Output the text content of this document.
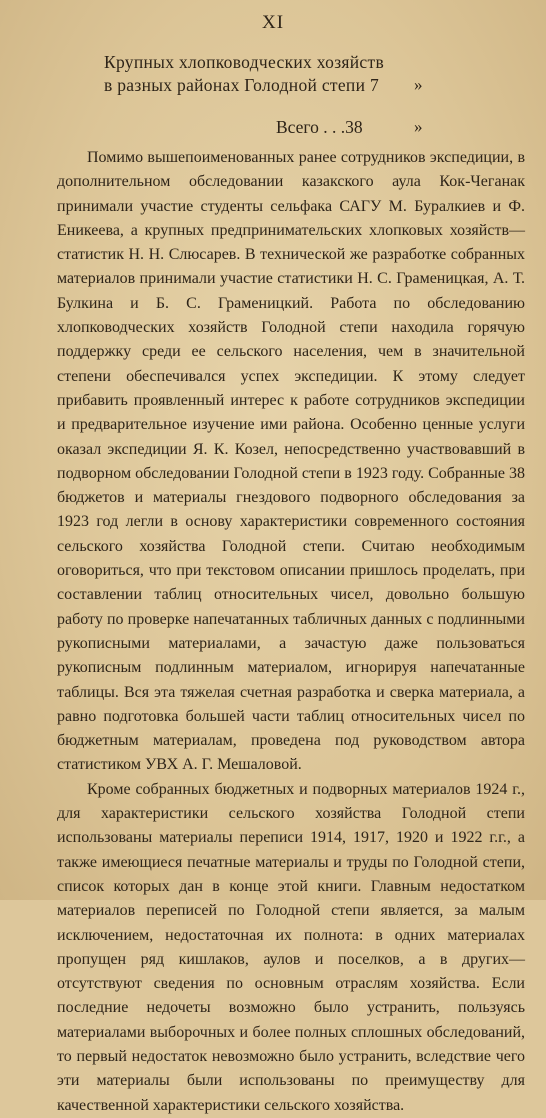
XI
Крупных хлопководческих хозяйств
в разных районах Голодной степи 7 »
Всего . . .38	»

Помимо вышепоименованных ранее сотрудников экспедиции, в дополнительном обследовании казакского аула Кок-Чеганак принимали участие студенты сельфака САГУ М. Буралкиев и Ф. Еникеева, а крупных предпринимательских хлопковых хозяйств—статистик Н. Н. Слюсарев. В технической же разработке собранных материалов принимали участие статистики Н. С. Граменицкая, А. Т. Булкина и Б. С. Граменицкий. Работа по обследованию хлопководческих хозяйств Голодной степи находила горячую поддержку среди ее сельского населения, чем в значительной степени обеспечивался успех экспедиции. К этому следует прибавить проявленный интерес к работе сотрудников экспедиции и предварительное изучение ими района. Особенно ценные услуги оказал экспедиции Я. К. Козел, непосредственно участвовавший в подворном обследовании Голодной степи в 1923 году. Собранные 38 бюджетов и материалы гнездового подворного обследования за 1923 год легли в основу характеристики современного состояния сельского хозяйства Голодной степи. Считаю необходимым оговориться, что при текстовом описании пришлось проделать, при составлении таблиц относительных чисел, довольно большую работу по проверке напечатанных табличных данных с подлинными рукописными материалами, а зачастую даже пользоваться рукописным подлинным материалом, игнорируя напечатанные таблицы. Вся эта тяжелая счетная разработка и сверка материала, а равно подготовка большей части таблиц относительных чисел по бюджетным материалам, проведена под руководством автора статистиком УВХ А. Г. Мешаловой.

Кроме собранных бюджетных и подворных материалов 1924 г., для характеристики сельского хозяйства Голодной степи использованы материалы переписи 1914, 1917, 1920 и 1922 г.г., а также имеющиеся печатные материалы и труды по Голодной степи, список которых дан в конце этой книги. Главным недостатком материалов переписей по Голодной степи является, за малым исключением, недостаточная их полнота: в одних материалах пропущен ряд кишлаков, аулов и поселков, а в других—отсутствуют сведения по основным отраслям хозяйства. Если последние недочеты возможно было устранить, пользуясь материалами выборочных и более полных сплошных обследований, то первый недостаток невозможно было устранить, вследствие чего эти материалы были использованы по преимуществу для качественной характеристики сельского хозяйства.
